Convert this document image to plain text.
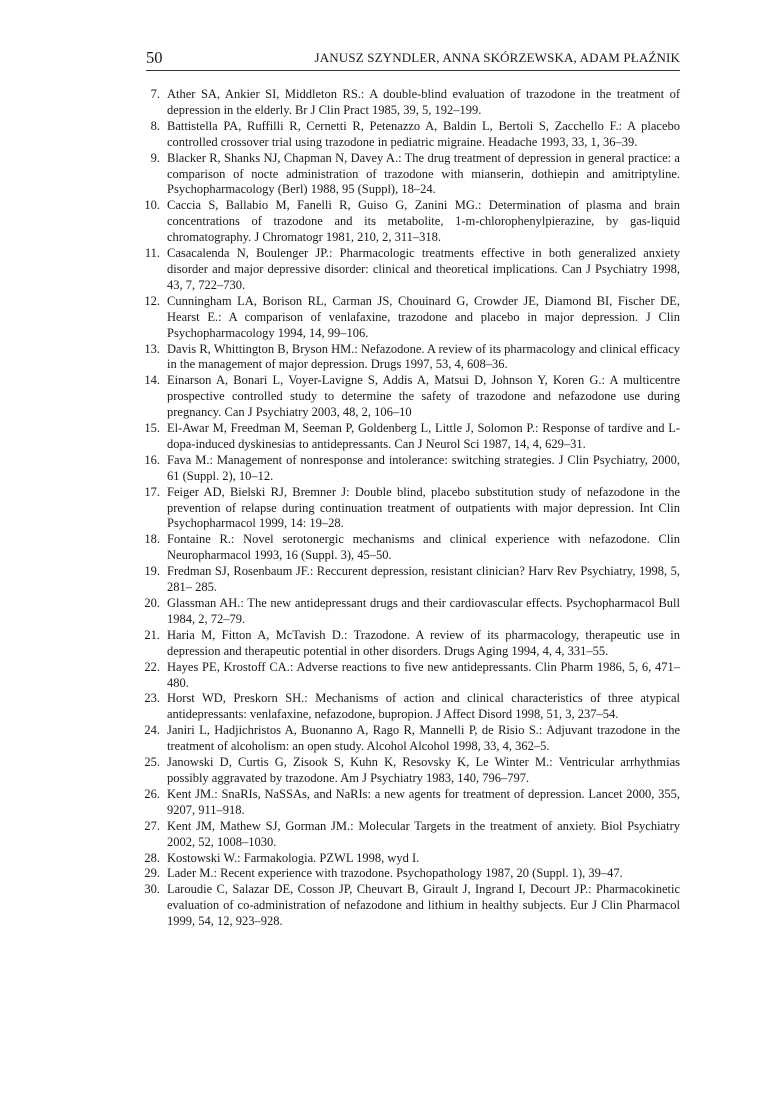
50	JANUSZ SZYNDLER, ANNA SKÓRZEWSKA, ADAM PŁAŹNIK
7. Ather SA, Ankier SI, Middleton RS.: A double-blind evaluation of trazodone in the treatment of depression in the elderly. Br J Clin Pract 1985, 39, 5, 192–199.
8. Battistella PA, Ruffilli R, Cernetti R, Petenazzo A, Baldin L, Bertoli S, Zacchello F.: A placebo controlled crossover trial using trazodone in pediatric migraine. Headache 1993, 33, 1, 36–39.
9. Blacker R, Shanks NJ, Chapman N, Davey A.: The drug treatment of depression in general practice: a comparison of nocte administration of trazodone with mianserin, dothiepin and amitriptyline. Psychopharmacology (Berl) 1988, 95 (Suppl), 18–24.
10. Caccia S, Ballabio M, Fanelli R, Guiso G, Zanini MG.: Determination of plasma and brain concentrations of trazodone and its metabolite, 1-m-chlorophenylpierazine, by gas-liquid chromatography. J Chromatogr 1981, 210, 2, 311–318.
11. Casacalenda N, Boulenger JP.: Pharmacologic treatments effective in both generalized anxiety disorder and major depressive disorder: clinical and theoretical implications. Can J Psychiatry 1998, 43, 7, 722–730.
12. Cunningham LA, Borison RL, Carman JS, Chouinard G, Crowder JE, Diamond BI, Fischer DE, Hearst E.: A comparison of venlafaxine, trazodone and placebo in major depression. J Clin Psychopharmacology 1994, 14, 99–106.
13. Davis R, Whittington B, Bryson HM.: Nefazodone. A review of its pharmacology and clinical efficacy in the management of major depression. Drugs 1997, 53, 4, 608–36.
14. Einarson A, Bonari L, Voyer-Lavigne S, Addis A, Matsui D, Johnson Y, Koren G.: A multicentre prospective controlled study to determine the safety of trazodone and nefazodone use during pregnancy. Can J Psychiatry 2003, 48, 2, 106–10
15. El-Awar M, Freedman M, Seeman P, Goldenberg L, Little J, Solomon P.: Response of tardive and L-dopa-induced dyskinesias to antidepressants. Can J Neurol Sci 1987, 14, 4, 629–31.
16. Fava M.: Management of nonresponse and intolerance: switching strategies. J Clin Psychiatry, 2000, 61 (Suppl. 2), 10–12.
17. Feiger AD, Bielski RJ, Bremner J: Double blind, placebo substitution study of nefazodone in the prevention of relapse during continuation treatment of outpatients with major depression. Int Clin Psychopharmacol 1999, 14: 19–28.
18. Fontaine R.: Novel serotonergic mechanisms and clinical experience with nefazodone. Clin Neuropharmacol 1993, 16 (Suppl. 3), 45–50.
19. Fredman SJ, Rosenbaum JF.: Reccurent depression, resistant clinician? Harv Rev Psychiatry, 1998, 5, 281– 285.
20. Glassman AH.: The new antidepressant drugs and their cardiovascular effects. Psychopharmacol Bull 1984, 2, 72–79.
21. Haria M, Fitton A, McTavish D.: Trazodone. A review of its pharmacology, therapeutic use in depression and therapeutic potential in other disorders. Drugs Aging 1994, 4, 4, 331–55.
22. Hayes PE, Krostoff CA.: Adverse reactions to five new antidepressants. Clin Pharm 1986, 5, 6, 471–480.
23. Horst WD, Preskorn SH.: Mechanisms of action and clinical characteristics of three atypical antidepressants: venlafaxine, nefazodone, bupropion. J Affect Disord 1998, 51, 3, 237–54.
24. Janiri L, Hadjichristos A, Buonanno A, Rago R, Mannelli P, de Risio S.: Adjuvant trazodone in the treatment of alcoholism: an open study. Alcohol Alcohol 1998, 33, 4, 362–5.
25. Janowski D, Curtis G, Zisook S, Kuhn K, Resovsky K, Le Winter M.: Ventricular arrhythmias possibly aggravated by trazodone. Am J Psychiatry 1983, 140, 796–797.
26. Kent JM.: SnaRIs, NaSSAs, and NaRIs: a new agents for treatment of depression. Lancet 2000, 355, 9207, 911–918.
27. Kent JM, Mathew SJ, Gorman JM.: Molecular Targets in the treatment of anxiety. Biol Psychiatry 2002, 52, 1008–1030.
28. Kostowski W.: Farmakologia. PZWL 1998, wyd I.
29. Lader M.: Recent experience with trazodone. Psychopathology 1987, 20 (Suppl. 1), 39–47.
30. Laroudie C, Salazar DE, Cosson JP, Cheuvart B, Girault J, Ingrand I, Decourt JP.: Pharmacokinetic evaluation of co-administration of nefazodone and lithium in healthy subjects. Eur J Clin Pharmacol 1999, 54, 12, 923–928.
